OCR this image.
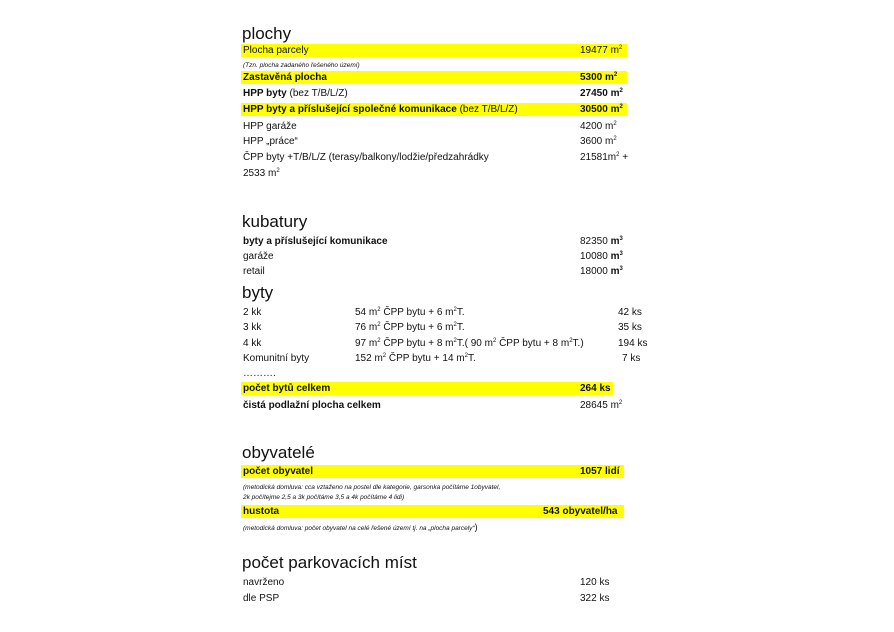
plochy
Plocha parcely	19477 $m^2$
(Tzn. plocha zadaného řešeného území)
Zastavěná plocha	5300 $m^2$
HPP byty (bez T/B/L/Z)	27450 $m^2$
HPP byty a příslušející společné komunikace (bez T/B/L/Z)	30500 $m^2$
HPP garáže	4200 $m^2$
HPP „práce“	3600 $m^2$
ČPP byty +T/B/L/Z (terasy/balkony/lodžie/předzahrádky	$21581m^2$ +
2533 $m^2$
kubatury
byty a příslušející komunikace	82350 $m^3$
garáže	10080 $m^3$
retail	18000 $m^3$
byty
2 kk	54 $m^2$ ČPP bytu + 6 $m^2T$.	42 ks
3 kk	76 $m^2$ ČPP bytu + 6 $m^2T$.	35 ks
4 kk	97 $m^2$ ČPP bytu + 8 $m^2T$.( 90 $m^2$ ČPP bytu + 8 $m^2T$.)	194 ks
Komunitní byty	152 $m^2$ ČPP bytu + 14 $m^2T$.	7 ks
……….
počet bytů celkem	264 ks
čistá podlažní plocha celkem	28645 $m^2$
obyvatelé
počet obyvatel	1057 lidí
(metodická domluva: cca vztaženo na postel dle kategorie, garsonka počítáme 1obyvatel,
2k počítejme 2,5 a 3k počítáme 3,5 a 4k počítáme 4 lidi)
hustota	543 obyvatel/ha
(metodická domluva: počet obyvatel na celé řešené území tj. na „plocha parcely“)
počet parkovacích míst
navrženo	120 ks
dle PSP	322 ks
